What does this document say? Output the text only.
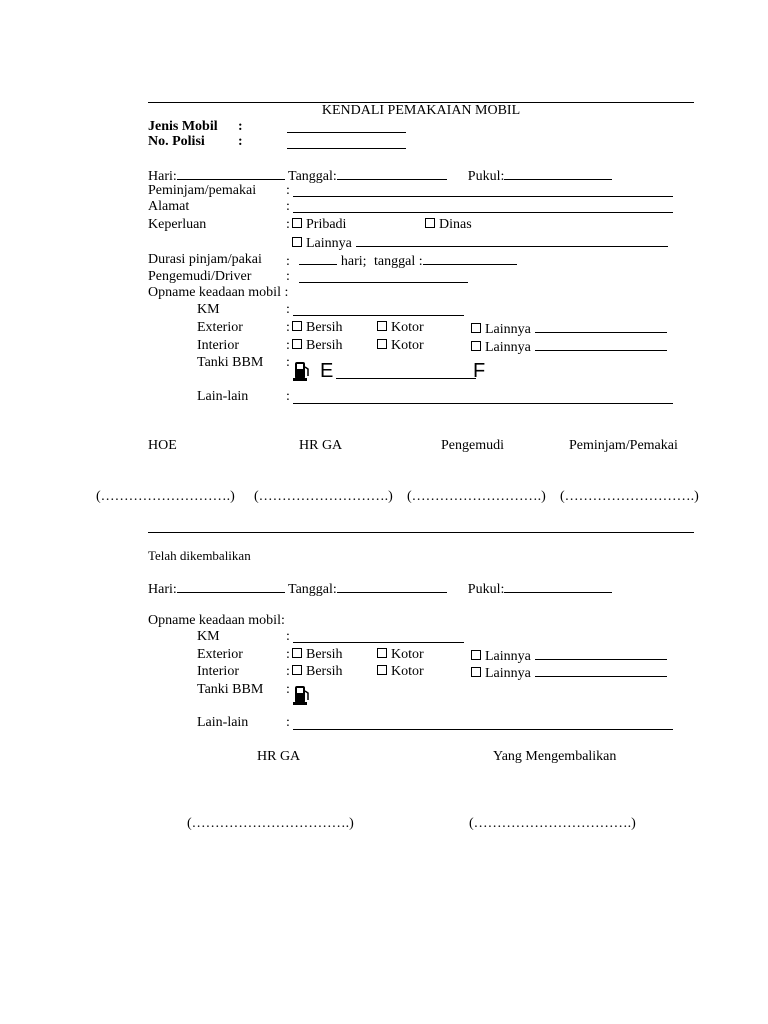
KENDALI PEMAKAIAN MOBIL
Jenis Mobil :
No. Polisi :
Hari:	Tanggal:	Pukul:
Peminjam/pemakai :
Alamat	:
Keperluan	:	Pribadi	Dinas
Lainnya
Durasi pinjam/pakai :	hari; tanggal :
Pengemudi/Driver :
Opname keadaan mobil :
KM	:
Exterior	:	Bersih	Kotor	Lainnya
Interior	:	Bersih	Kotor	Lainnya
Tanki BBM : E	F
Lain-lain	:
HOE	HR GA	Pengemudi	Peminjam/Pemakai
(……………………….) (……………………….) (……………………….) (……………………….)
Telah dikembalikan
Hari:	Tanggal:	Pukul:
Opname keadaan mobil:
KM	:
Exterior	:	Bersih	Kotor	Lainnya
Interior	:	Bersih	Kotor	Lainnya
Tanki BBM :
Lain-lain	:
HR GA	Yang Mengembalikan
(…………………………….)	(…………………………….)
